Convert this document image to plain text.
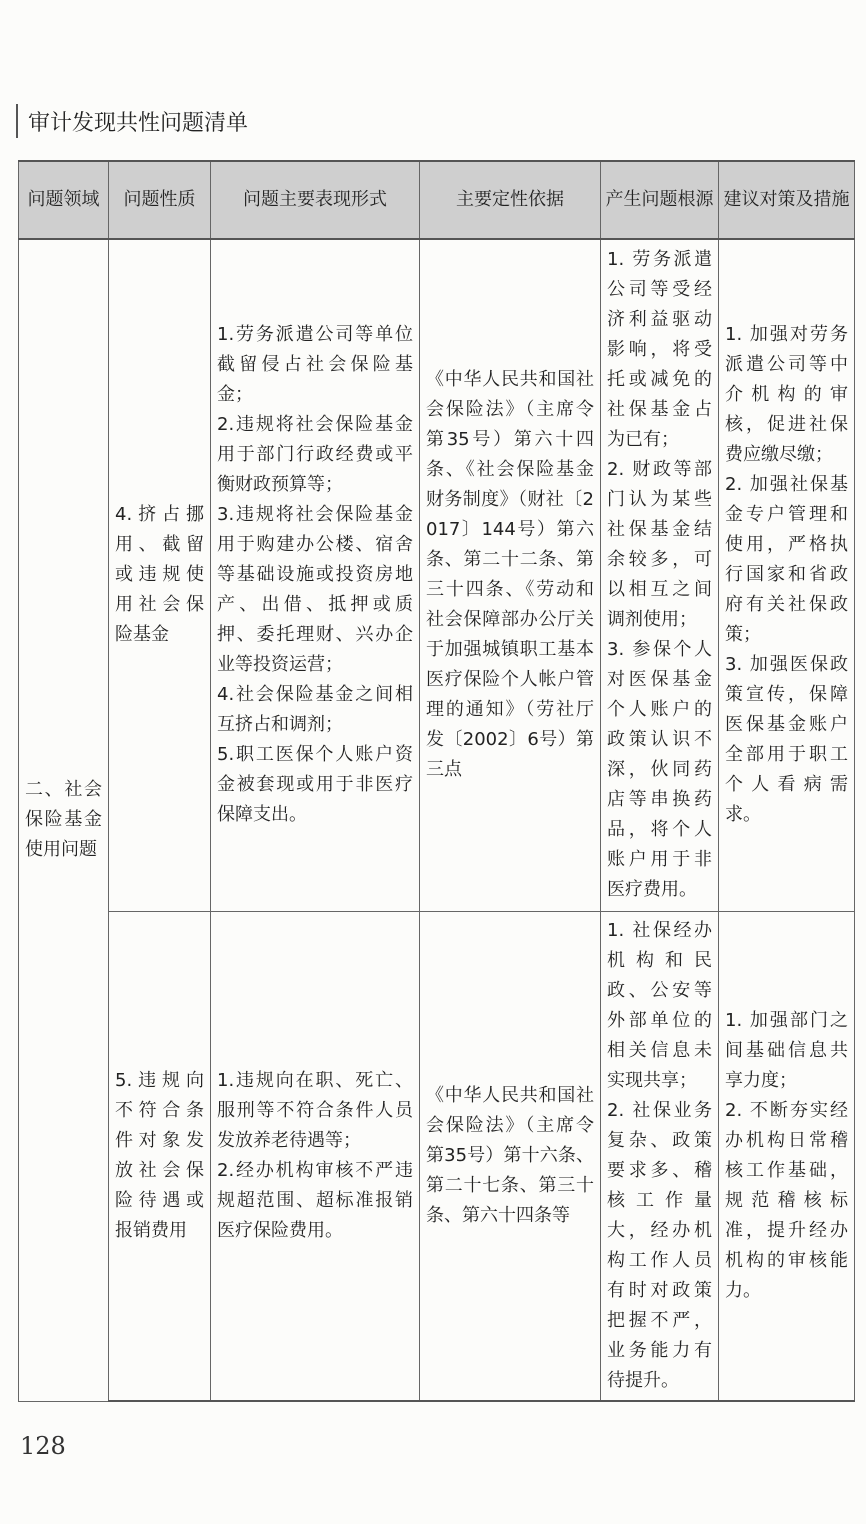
审计发现共性问题清单
问题领域	问题性质	问题主要表现形式	主要定性依据	产生问题根源	建议对策及措施
二、社会保险基金使用问题	4.挤占挪用、截留或违规使用社会保险基金	1.劳务派遣公司等单位截留侵占社会保险基金；
2.违规将社会保险基金用于部门行政经费或平衡财政预算等；
3.违规将社会保险基金用于购建办公楼、宿舍等基础设施或投资房地产、出借、抵押或质押、委托理财、兴办企业等投资运营；
4.社会保险基金之间相互挤占和调剂；
5.职工医保个人账户资金被套现或用于非医疗保障支出。	《中华人民共和国社会保险法》（主席令第35号）第六十四条、《社会保险基金财务制度》（财社〔2017〕144号）第六条、第二十二条、第三十四条、《劳动和社会保障部办公厅关于加强城镇职工基本医疗保险个人帐户管理的通知》（劳社厅发〔2002〕6号）第三点	1. 劳务派遣公司等受经济利益驱动影响，将受托或减免的社保基金占为已有；
2. 财政等部门认为某些社保基金结余较多，可以相互之间调剂使用；
3. 参保个人对医保基金个人账户的政策认识不深，伙同药店等串换药品，将个人账户用于非医疗费用。	1. 加强对劳务派遣公司等中介机构的审核，促进社保费应缴尽缴；
2. 加强社保基金专户管理和使用，严格执行国家和省政府有关社保政策；
3. 加强医保政策宣传，保障医保基金账户全部用于职工个人看病需求。

	5.违规向不符合条件对象发放社会保险待遇或报销费用	1.违规向在职、死亡、服刑等不符合条件人员发放养老待遇等；
2.经办机构审核不严违规超范围、超标准报销医疗保险费用。	《中华人民共和国社会保险法》（主席令第35号）第十六条、第二十七条、第三十条、第六十四条等	1. 社保经办机构和民政、公安等外部单位的相关信息未实现共享；
2. 社保业务复杂、政策要求多、稽核工作量大，经办机构工作人员有时对政策把握不严，业务能力有待提升。	1. 加强部门之间基础信息共享力度；
2. 不断夯实经办机构日常稽核工作基础，规范稽核标准，提升经办机构的审核能力。
128
